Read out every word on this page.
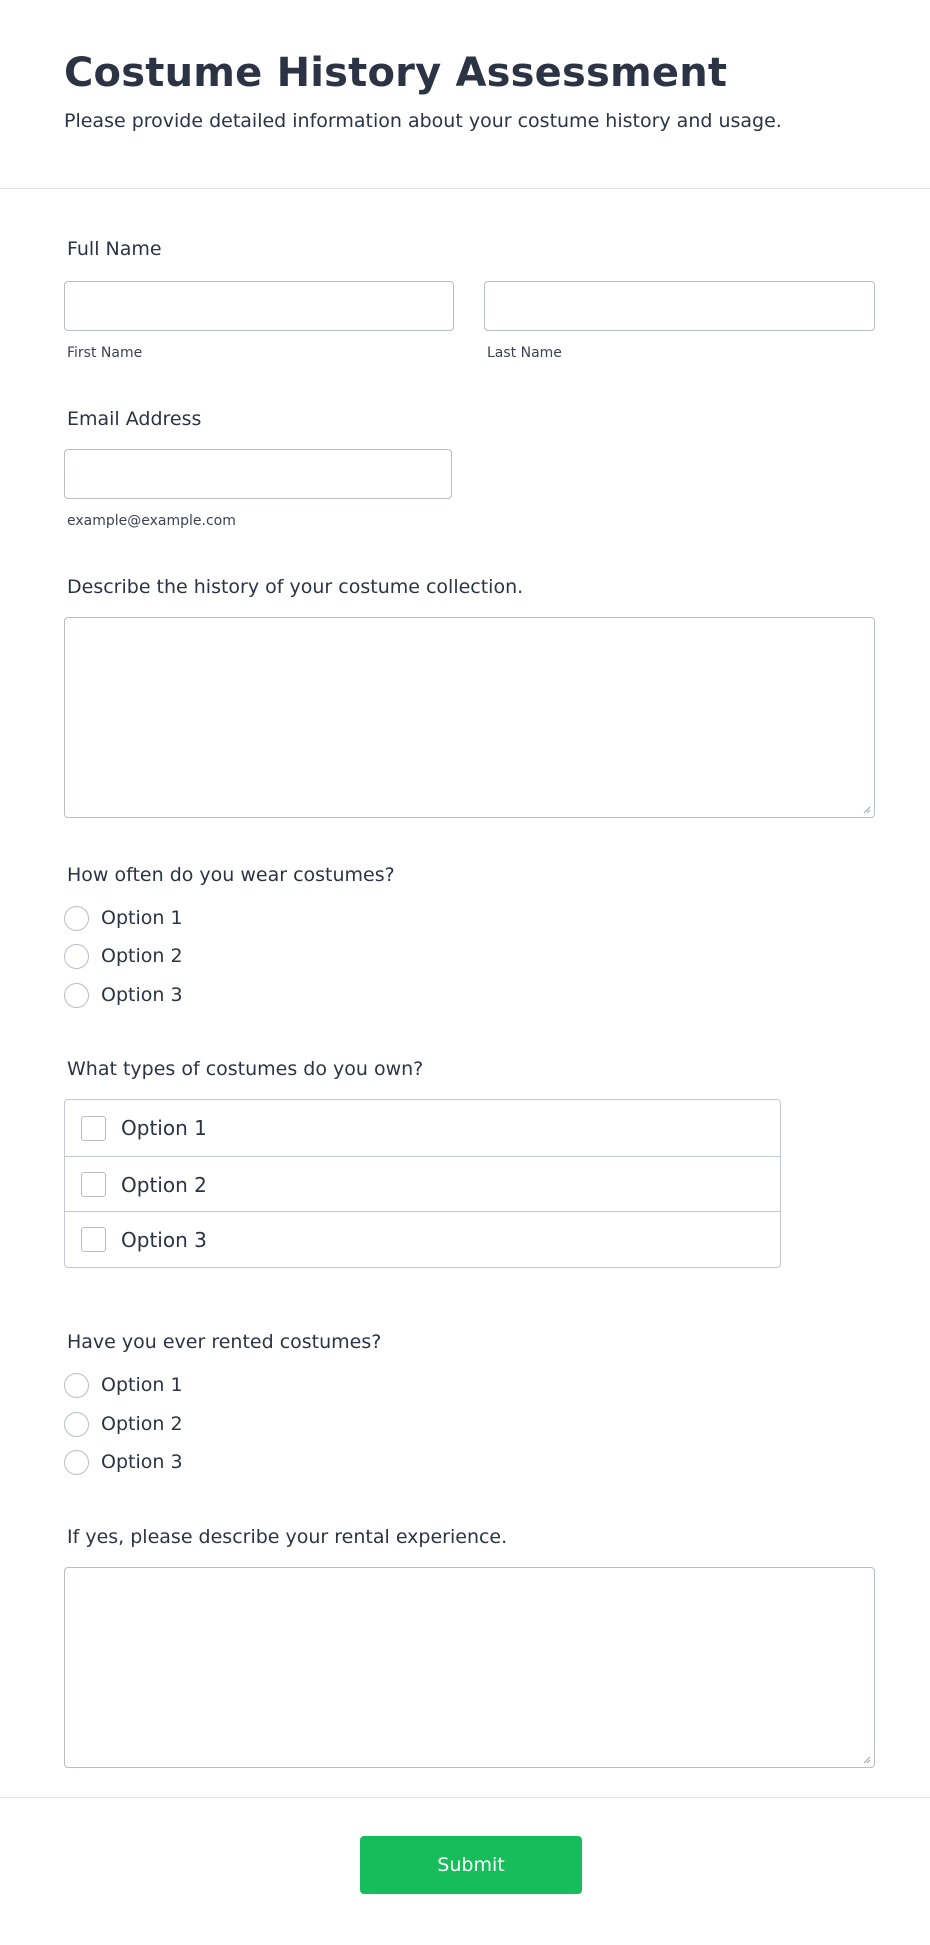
Costume History Assessment
Please provide detailed information about your costume history and usage.
Full Name
First Name	Last Name
Email Address
example@example.com
Describe the history of your costume collection.
How often do you wear costumes?
Option 1
Option 2
Option 3
What types of costumes do you own?
Option 1
Option 2
Option 3
Have you ever rented costumes?
Option 1
Option 2
Option 3
If yes, please describe your rental experience.
Submit
